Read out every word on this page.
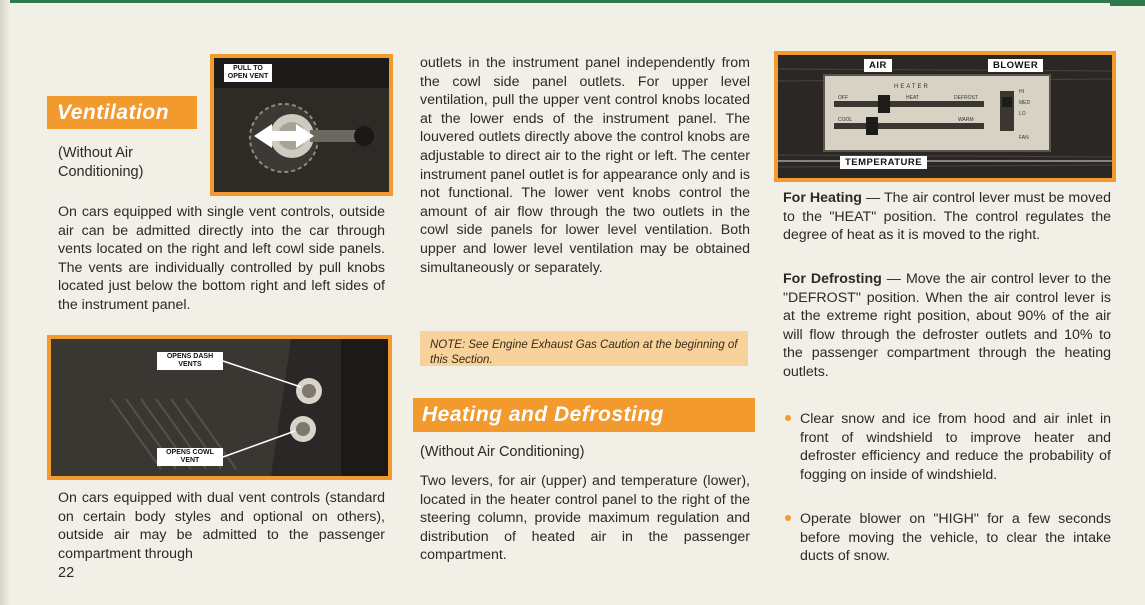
Ventilation
(Without Air
Conditioning)
PULL TO
OPEN VENT
On cars equipped with single vent controls, outside air can be admitted directly into the car through vents located on the right and left cowl side panels. The vents are individually controlled by pull knobs located just below the bottom right and left sides of the instrument panel.
OPENS DASH
VENTS
OPENS COWL
VENT
On cars equipped with dual vent controls (standard on certain body styles and optional on others), outside air may be admitted to the passenger compartment through
22
outlets in the instrument panel independently from the cowl side panel outlets. For upper level ventilation, pull the upper vent control knobs located at the lower ends of the instrument panel. The louvered outlets directly above the control knobs are adjustable to direct air to the right or left. The center instrument panel outlet is for appearance only and is not functional. The lower vent knobs control the amount of air flow through the two outlets in the cowl side panels for lower level ventilation. Both upper and lower level ventilation may be obtained simultaneously or separately.
NOTE: See Engine Exhaust Gas Caution at the beginning of this Section.
Heating and Defrosting
(Without Air Conditioning)
Two levers, for air (upper) and temperature (lower), located in the heater control panel to the right of the steering column, provide maximum regulation and distribution of heated air in the passenger compartment.
AIR	BLOWER
TEMPERATURE
HEATER
HEAT	DEFROST
OFF
COOL	WARM
HI
MED
LO
FAN
For Heating — The air control lever must be moved to the "HEAT" position. The control regulates the degree of heat as it is moved to the right.
For Defrosting — Move the air control lever to the "DEFROST" position. When the air control lever is at the extreme right position, about 90% of the air will flow through the defroster outlets and 10% to the passenger compartment through the heating outlets.
Clear snow and ice from hood and air inlet in front of windshield to improve heater and defroster efficiency and reduce the probability of fogging on inside of windshield.
Operate blower on "HIGH" for a few seconds before moving the vehicle, to clear the intake ducts of snow.
